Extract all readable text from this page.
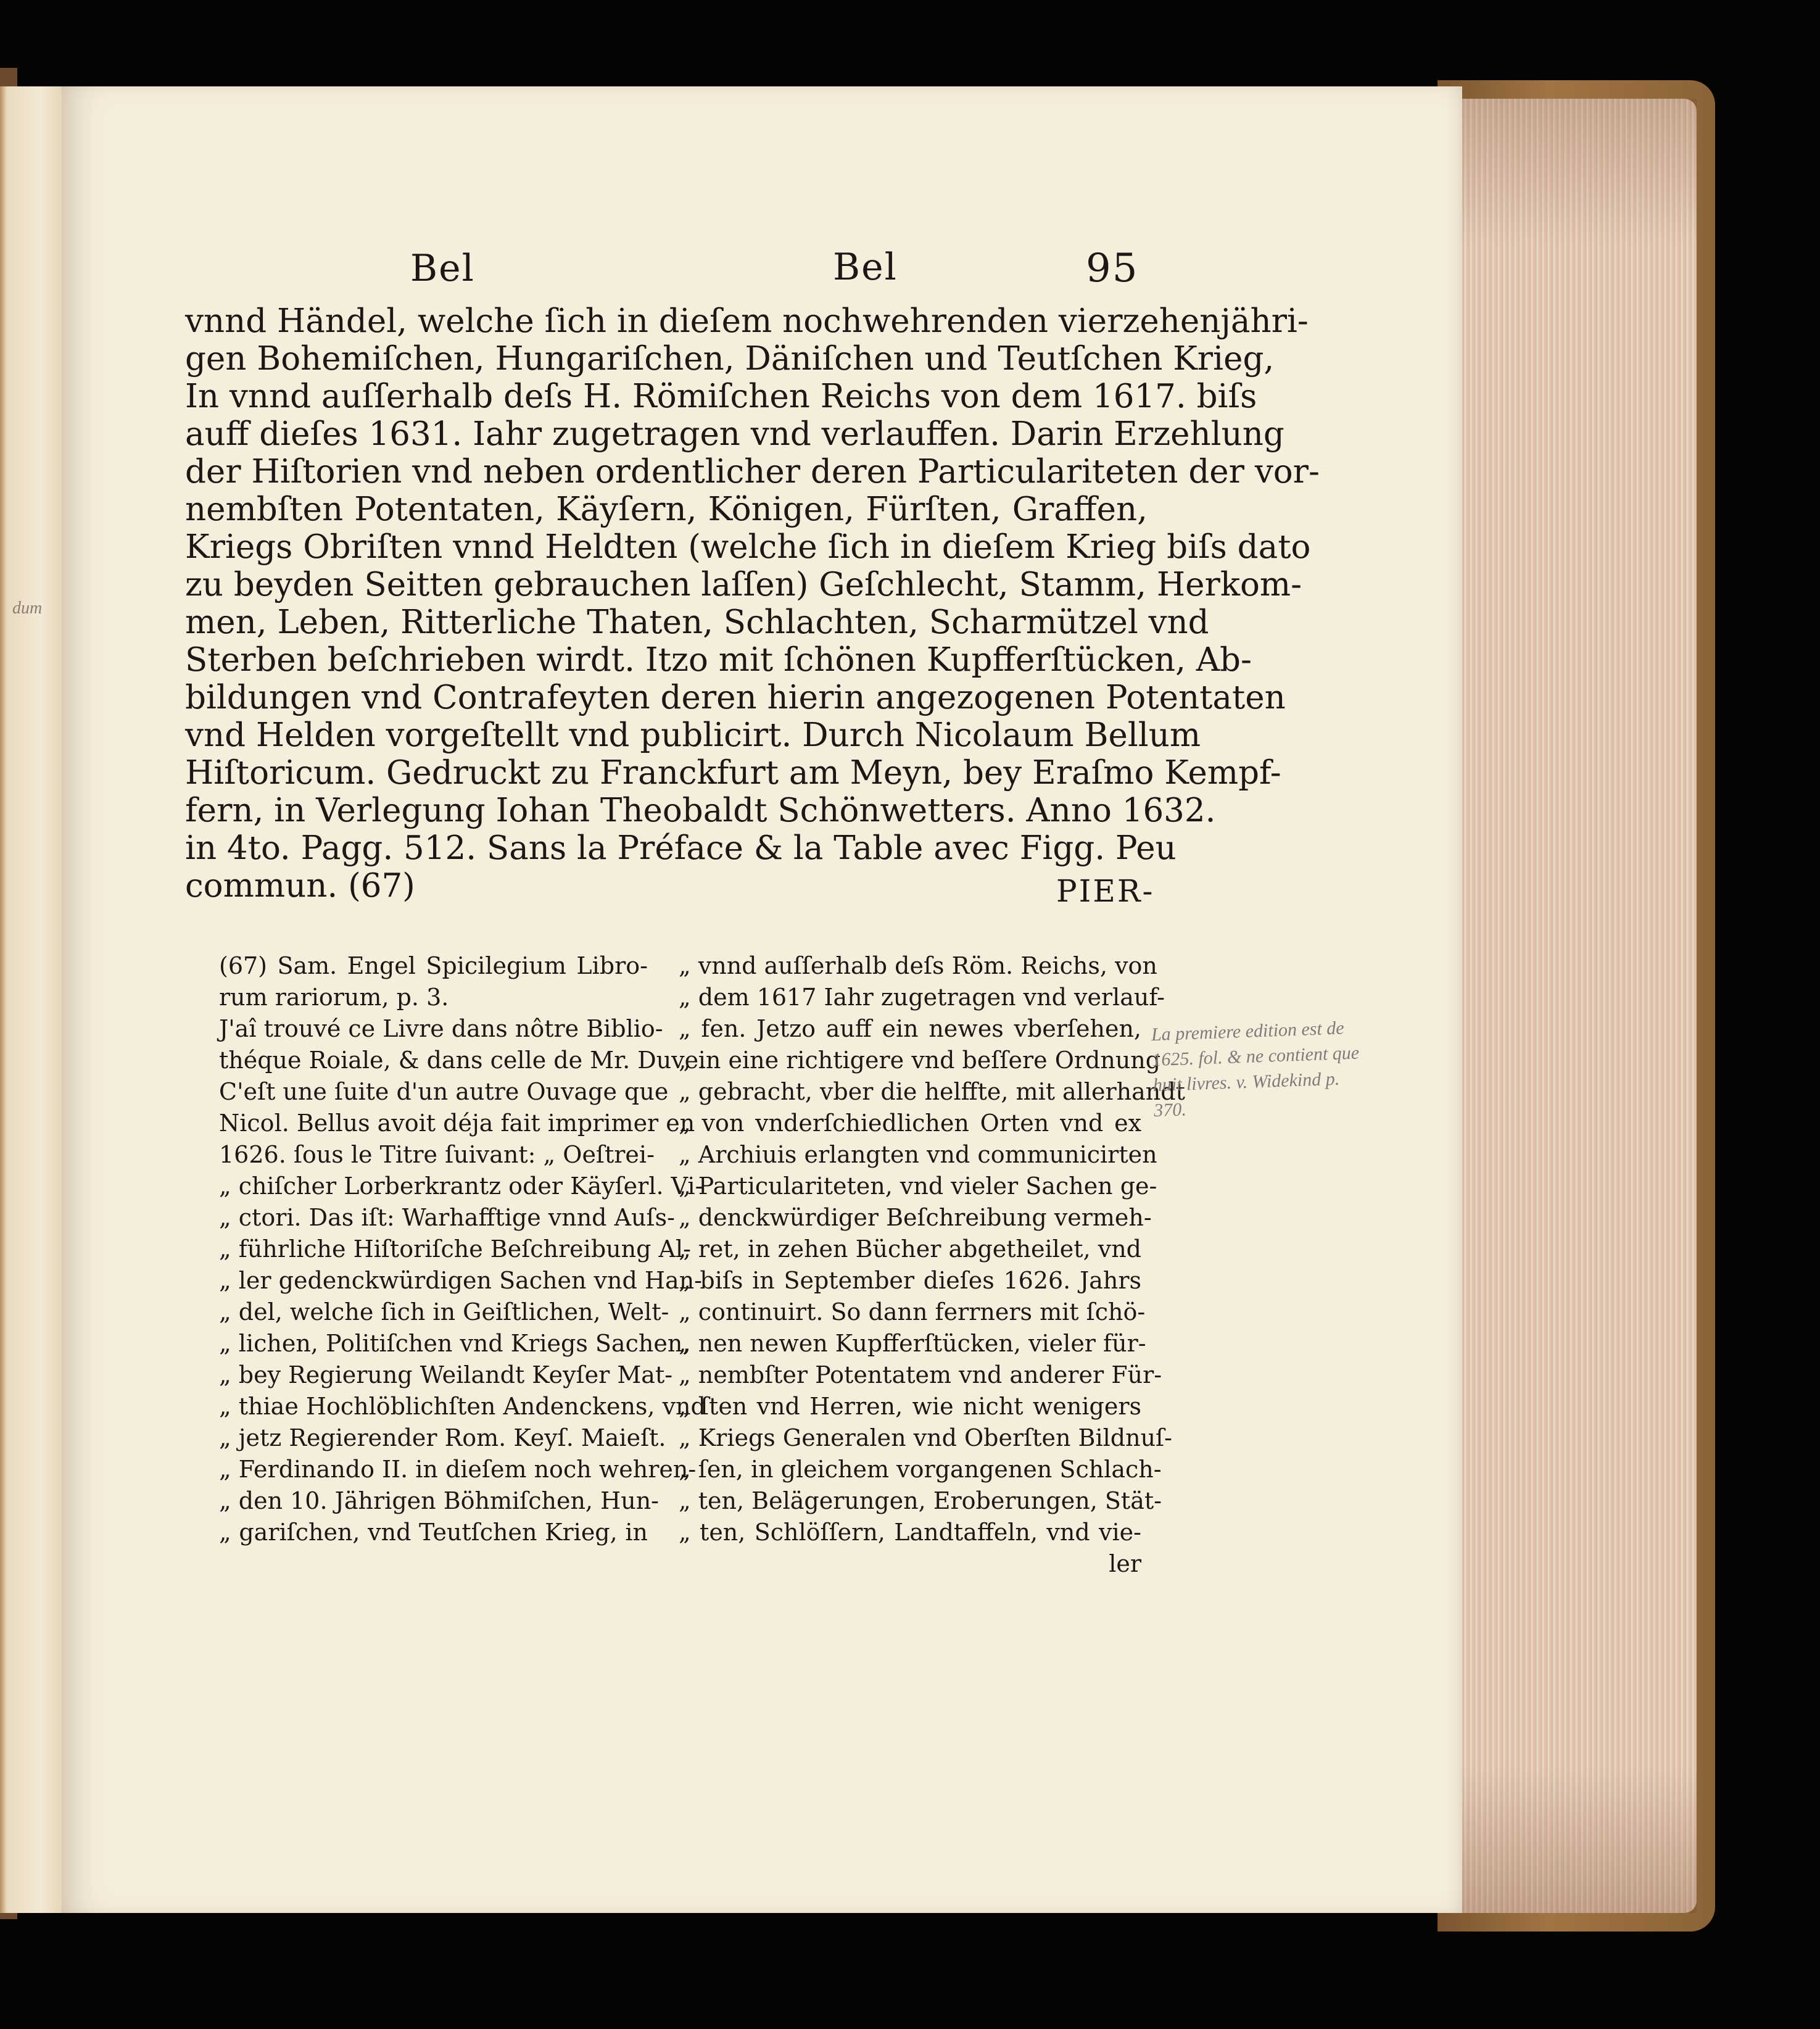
dum
Bel	Bel	95
vnnd Händel, welche ſich in dieſem nochwehrenden vierzehenjähri-
gen Bohemiſchen, Hungariſchen, Däniſchen und Teutſchen Krieg,
In vnnd auſſerhalb deſs H. Römiſchen Reichs von dem 1617. biſs
auff dieſes 1631. Iahr zugetragen vnd verlauffen. Darin Erzehlung
der Hiſtorien vnd neben ordentlicher deren Particulariteten der vor-
nembſten Potentaten, Käyſern, Königen, Fürſten, Graffen,
Kriegs Obriſten vnnd Heldten (welche ſich in dieſem Krieg biſs dato
zu beyden Seitten gebrauchen laſſen) Geſchlecht, Stamm, Herkom-
men, Leben, Ritterliche Thaten, Schlachten, Scharmützel vnd
Sterben beſchrieben wirdt. Itzo mit ſchönen Kupfferſtücken, Ab-
bildungen vnd Contrafeyten deren hierin angezogenen Potentaten
vnd Helden vorgeſtellt vnd publicirt. Durch Nicolaum Bellum
Hiſtoricum. Gedruckt zu Franckfurt am Meyn, bey Eraſmo Kempf-
fern, in Verlegung Iohan Theobaldt Schönwetters. Anno 1632.
in 4to. Pagg. 512. Sans la Préface & la Table avec Figg. Peu
commun. (67)	PIER-
(67) Sam. Engel Spicilegium Libro-
rum rariorum, p. 3.
J'aî trouvé ce Livre dans nôtre Biblio-
théque Roiale, & dans celle de Mr. Duve.
C'eſt une ſuite d'un autre Ouvage que
Nicol. Bellus avoit déja fait imprimer en
1626. ſous le Titre ſuivant: „ Oeſtrei-
„ chiſcher Lorberkrantz oder Käyſerl. Vi-
„ ctori. Das iſt: Warhafftige vnnd Auſs-
„ führliche Hiſtoriſche Beſchreibung Al-
„ ler gedenckwürdigen Sachen vnd Han-
„ del, welche ſich in Geiſtlichen, Welt-
„ lichen, Politiſchen vnd Kriegs Sachen,
„ bey Regierung Weilandt Keyſer Mat-
„ thiae Hochlöblichſten Andenckens, vnd
„ jetz Regierender Rom. Keyſ. Maieſt.
„ Ferdinando II. in dieſem noch wehren-
„ den 10. Jährigen Böhmiſchen, Hun-
„ gariſchen, vnd Teutſchen Krieg, in
„ vnnd auſſerhalb deſs Röm. Reichs, von
„ dem 1617 Iahr zugetragen vnd verlauf-
„ fen. Jetzo auff ein newes vberſehen,
„ in eine richtigere vnd beſſere Ordnung
„ gebracht, vber die helffte, mit allerhandt
„ von vnderſchiedlichen Orten vnd ex
„ Archiuis erlangten vnd communicirten
„ Particulariteten, vnd vieler Sachen ge-
„ denckwürdiger Beſchreibung vermeh-
„ ret, in zehen Bücher abgetheilet, vnd
„ biſs in September dieſes 1626. Jahrs
„ continuirt. So dann ferrners mit ſchö-
„ nen newen Kupfferſtücken, vieler für-
„ nembſter Potentatem vnd anderer Für-
„ ſten vnd Herren, wie nicht wenigers
„ Kriegs Generalen vnd Oberſten Bildnuſ-
„ ſen, in gleichem vorgangenen Schlach-
„ ten, Belägerungen, Eroberungen, Stät-
„ ten, Schlöſſern, Landtaffeln, vnd vie-
ler
La premiere edition est de
1625. fol. & ne contient que
huit livres. v. Widekind p.
370.
